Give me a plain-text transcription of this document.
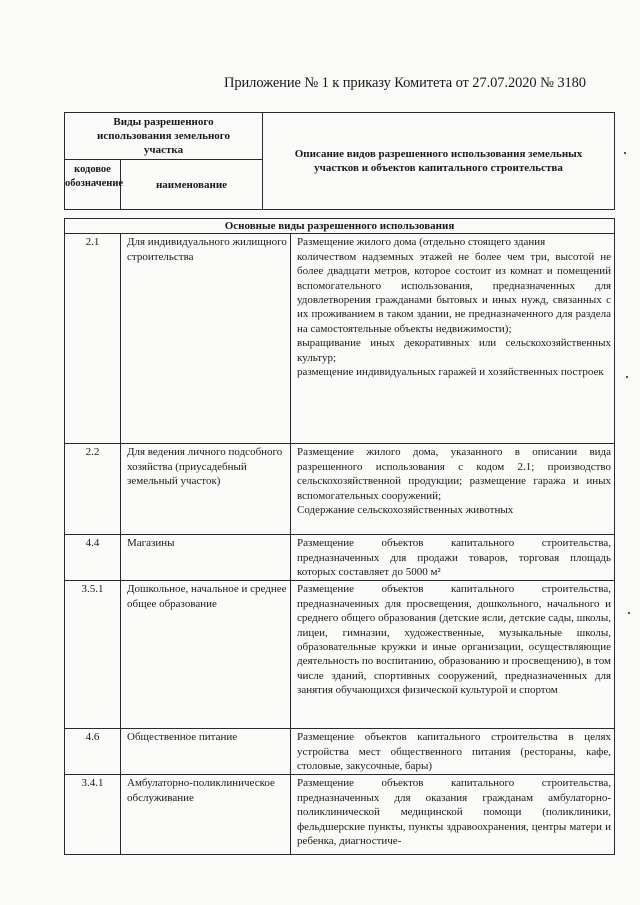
Приложение № 1 к приказу Комитета от 27.07.2020 № 3180
Виды разрешенного использования земельного участка		Описание видов разрешенного использования земельных участков и объектов капитального строительства
кодовое обозначение	наименование	
Основные виды разрешенного использования		
2.1	Для индивидуального жилищного строительства	Размещение жилого дома (отдельно стоящего здания

количеством надземных этажей не более чем три, высотой не более двадцати метров, которое состоит из комнат и помещений вспомогательного использования, предназначенных для удовлетворения гражданами бытовых и иных нужд, связанных с их проживанием в таком здании, не предназначенного для раздела на самостоятельные объекты недвижимости);

выращивание иных декоративных или сельскохозяйственных культур;

размещение индивидуальных гаражей и хозяйственных построек

2.2	Для ведения личного подсобного хозяйства (приусадебный земельный участок)	Размещение жилого дома, указанного в описании вида разрешенного использования с кодом 2.1; производство сельскохозяйственной продукции; размещение гаража и иных вспомогательных сооружений;

Содержание сельскохозяйственных животных

4.4	Магазины	Размещение объектов капитального строительства, предназначенных для продажи товаров, торговая площадь которых составляет до 5000 м²

3.5.1	Дошкольное, начальное и среднее общее образование	Размещение объектов капитального строительства, предназначенных для просвещения, дошкольного, начального и среднего общего образования (детские ясли, детские сады, школы, лицеи, гимназии, художественные, музыкальные школы, образовательные кружки и иные организации, осуществляющие деятельность по воспитанию, образованию и просвещению), в том числе зданий, спортивных сооружений, предназначенных для занятия обучающихся физической культурой и спортом

4.6	Общественное питание	Размещение объектов капитального строительства в целях устройства мест общественного питания (рестораны, кафе, столовые, закусочные, бары)

3.4.1	Амбулаторно-поликлиническое обслуживание	Размещение объектов капитального строительства, предназначенных для оказания гражданам амбулаторно-поликлинической медицинской помощи (поликлиники, фельдшерские пункты, пункты здравоохранения, центры матери и ребенка, диагностиче-
